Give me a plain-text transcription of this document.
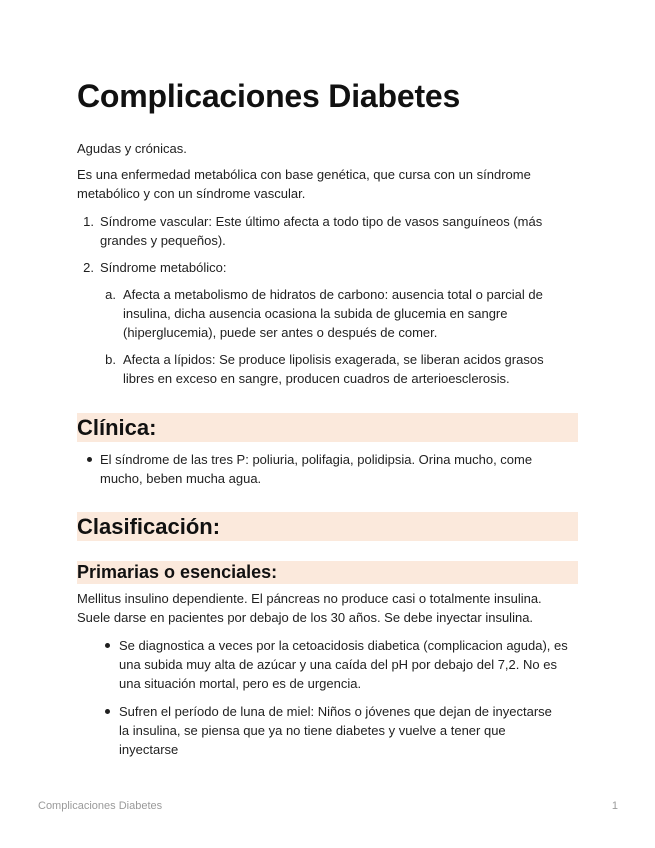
Complicaciones Diabetes

Agudas y crónicas.

Es una enfermedad metabólica con base genética, que cursa con un síndrome metabólico y con un síndrome vascular.

1. Síndrome vascular: Este último afecta a todo tipo de vasos sanguíneos (más grandes y pequeños).
2. Síndrome metabólico:
a. Afecta a metabolismo de hidratos de carbono: ausencia total o parcial de insulina, dicha ausencia ocasiona la subida de glucemia en sangre (hiperglucemia), puede ser antes o después de comer.
b. Afecta a lípidos: Se produce lipolisis exagerada, se liberan acidos grasos libres en exceso en sangre, producen cuadros de arterioesclerosis.
Clínica:
El síndrome de las tres P: poliuria, polifagia, polidipsia. Orina mucho, come mucho, beben mucha agua.
Clasificación:
Primarias o esenciales:

Mellitus insulino dependiente. El páncreas no produce casi o totalmente insulina. Suele darse en pacientes por debajo de los 30 años. Se debe inyectar insulina.

Se diagnostica a veces por la cetoacidosis diabetica (complicacion aguda), es una subida muy alta de azúcar y una caída del pH por debajo del 7,2. No es una situación mortal, pero es de urgencia.
Sufren el período de luna de miel: Niños o jóvenes que dejan de inyectarse la insulina, se piensa que ya no tiene diabetes y vuelve a tener que inyectarse
Complicaciones Diabetes	1
